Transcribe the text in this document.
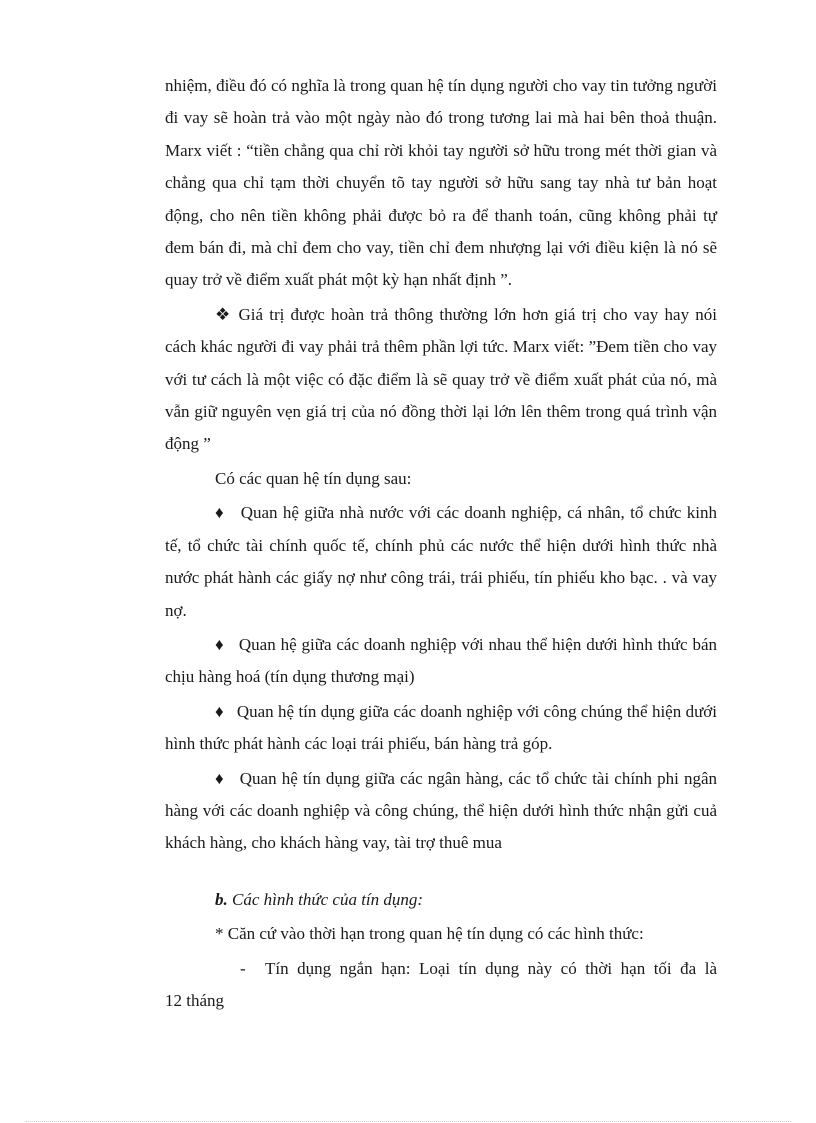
nhiệm, điều đó có nghĩa là trong quan hệ tín dụng người cho vay tin tưởng người đi vay sẽ hoàn trả vào một ngày nào đó trong tương lai mà hai bên thoả thuận. Marx viết : “tiền chẳng qua chỉ rời khỏi tay người sở hữu trong mét thời gian và chẳng qua chỉ tạm thời chuyển tõ tay người sở hữu sang tay nhà tư bản hoạt động, cho nên tiền không phải được bỏ ra để thanh toán, cũng không phải tự đem bán đi, mà chỉ đem cho vay, tiền chỉ đem nhượng lại với điều kiện là nó sẽ quay trở về điểm xuất phát một kỳ hạn nhất định ”.

❖ Giá trị được hoàn trả thông thường lớn hơn giá trị cho vay hay nói cách khác người đi vay phải trả thêm phần lợi tức. Marx viết: ”Đem tiền cho vay với tư cách là một việc có đặc điểm là sẽ quay trở về điểm xuất phát của nó, mà vẫn giữ nguyên vẹn giá trị của nó đồng thời lại lớn lên thêm trong quá trình vận động ”

Có các quan hệ tín dụng sau:

♦ Quan hệ giữa nhà nước với các doanh nghiệp, cá nhân, tổ chức kinh tế, tổ chức tài chính quốc tế, chính phủ các nước thể hiện dưới hình thức nhà nước phát hành các giấy nợ như công trái, trái phiếu, tín phiếu kho bạc. . và vay nợ.

♦ Quan hệ giữa các doanh nghiệp với nhau thể hiện dưới hình thức bán chịu hàng hoá (tín dụng thương mại)

♦ Quan hệ tín dụng giữa các doanh nghiệp với công chúng thể hiện dưới hình thức phát hành các loại trái phiếu, bán hàng trả góp.

♦ Quan hệ tín dụng giữa các ngân hàng, các tổ chức tài chính phi ngân hàng với các doanh nghiệp và công chúng, thể hiện dưới hình thức nhận gửi cuả khách hàng, cho khách hàng vay, tài trợ thuê mua

b. Các hình thức của tín dụng:

* Căn cứ vào thời hạn trong quan hệ tín dụng có các hình thức:

- Tín dụng ngắn hạn: Loại tín dụng này có thời hạn tối đa là

12 tháng
